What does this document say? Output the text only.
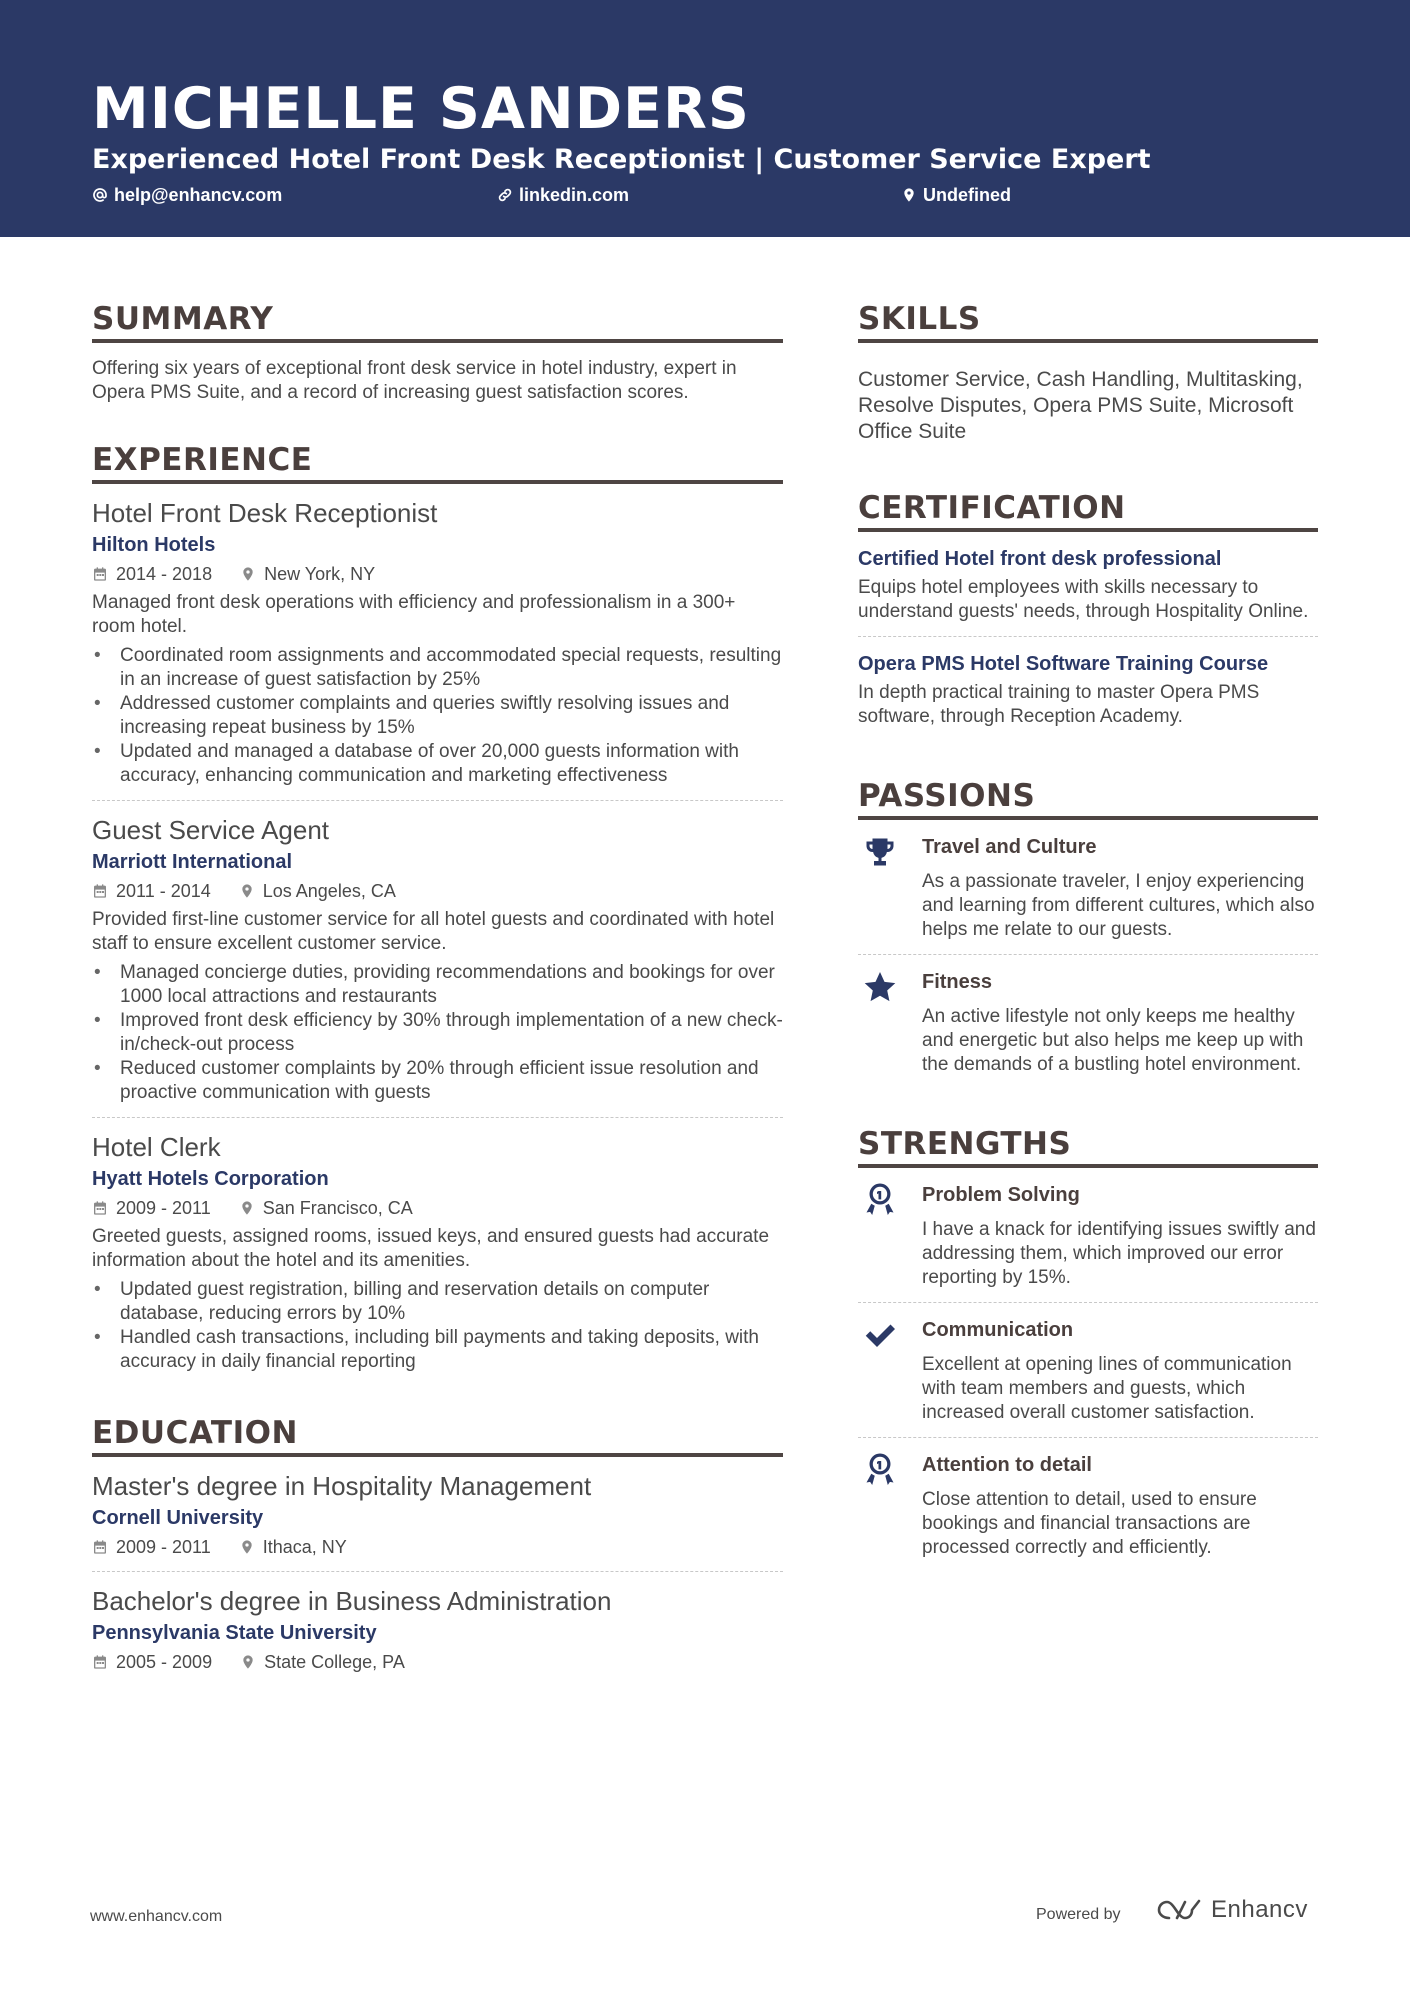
MICHELLE SANDERS
Experienced Hotel Front Desk Receptionist | Customer Service Expert
help@enhancv.com	linkedin.com	Undefined
SUMMARY
Offering six years of exceptional front desk service in hotel industry, expert in Opera PMS Suite, and a record of increasing guest satisfaction scores.
EXPERIENCE
Hotel Front Desk Receptionist
Hilton Hotels
2014 - 2018	New York, NY
Managed front desk operations with efficiency and professionalism in a 300+ room hotel.
• Coordinated room assignments and accommodated special requests, resulting in an increase of guest satisfaction by 25%
• Addressed customer complaints and queries swiftly resolving issues and increasing repeat business by 15%
• Updated and managed a database of over 20,000 guests information with accuracy, enhancing communication and marketing effectiveness
Guest Service Agent
Marriott International
2011 - 2014	Los Angeles, CA
Provided first-line customer service for all hotel guests and coordinated with hotel staff to ensure excellent customer service.
• Managed concierge duties, providing recommendations and bookings for over 1000 local attractions and restaurants
• Improved front desk efficiency by 30% through implementation of a new check-in/check-out process
• Reduced customer complaints by 20% through efficient issue resolution and proactive communication with guests
Hotel Clerk
Hyatt Hotels Corporation
2009 - 2011	San Francisco, CA
Greeted guests, assigned rooms, issued keys, and ensured guests had accurate information about the hotel and its amenities.
• Updated guest registration, billing and reservation details on computer database, reducing errors by 10%
• Handled cash transactions, including bill payments and taking deposits, with accuracy in daily financial reporting
EDUCATION
Master's degree in Hospitality Management
Cornell University
2009 - 2011	Ithaca, NY
Bachelor's degree in Business Administration
Pennsylvania State University
2005 - 2009	State College, PA
SKILLS
Customer Service, Cash Handling, Multitasking, Resolve Disputes, Opera PMS Suite, Microsoft Office Suite
CERTIFICATION
Certified Hotel front desk professional
Equips hotel employees with skills necessary to understand guests' needs, through Hospitality Online.
Opera PMS Hotel Software Training Course
In depth practical training to master Opera PMS software, through Reception Academy.
PASSIONS
Travel and Culture
As a passionate traveler, I enjoy experiencing and learning from different cultures, which also helps me relate to our guests.
Fitness
An active lifestyle not only keeps me healthy and energetic but also helps me keep up with the demands of a bustling hotel environment.
STRENGTHS
Problem Solving
I have a knack for identifying issues swiftly and addressing them, which improved our error reporting by 15%.
Communication
Excellent at opening lines of communication with team members and guests, which increased overall customer satisfaction.
Attention to detail
Close attention to detail, used to ensure bookings and financial transactions are processed correctly and efficiently.
www.enhancv.com	Powered by	Enhancv
